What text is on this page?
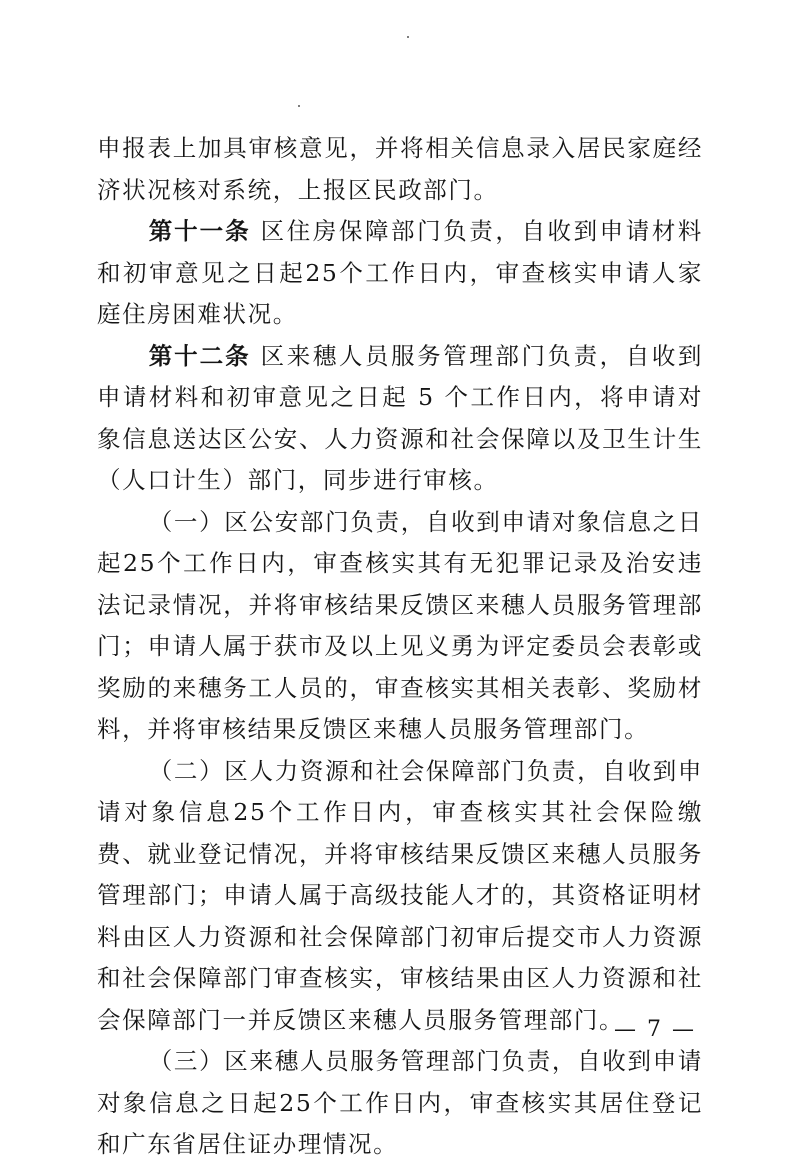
申报表上加具审核意见，并将相关信息录入居民家庭经济状况核对系统，上报区民政部门。

第十一条 区住房保障部门负责，自收到申请材料和初审意见之日起25个工作日内，审查核实申请人家庭住房困难状况。

第十二条 区来穗人员服务管理部门负责，自收到申请材料和初审意见之日起 5 个工作日内，将申请对象信息送达区公安、人力资源和社会保障以及卫生计生（人口计生）部门，同步进行审核。

（一）区公安部门负责，自收到申请对象信息之日起25个工作日内，审查核实其有无犯罪记录及治安违法记录情况，并将审核结果反馈区来穗人员服务管理部门；申请人属于获市及以上见义勇为评定委员会表彰或奖励的来穗务工人员的，审查核实其相关表彰、奖励材料，并将审核结果反馈区来穗人员服务管理部门。

（二）区人力资源和社会保障部门负责，自收到申请对象信息25个工作日内，审查核实其社会保险缴费、就业登记情况，并将审核结果反馈区来穗人员服务管理部门；申请人属于高级技能人才的，其资格证明材料由区人力资源和社会保障部门初审后提交市人力资源和社会保障部门审查核实，审核结果由区人力资源和社会保障部门一并反馈区来穗人员服务管理部门。

（三）区来穗人员服务管理部门负责，自收到申请对象信息之日起25个工作日内，审查核实其居住登记和广东省居住证办理情况。

— 7 —
